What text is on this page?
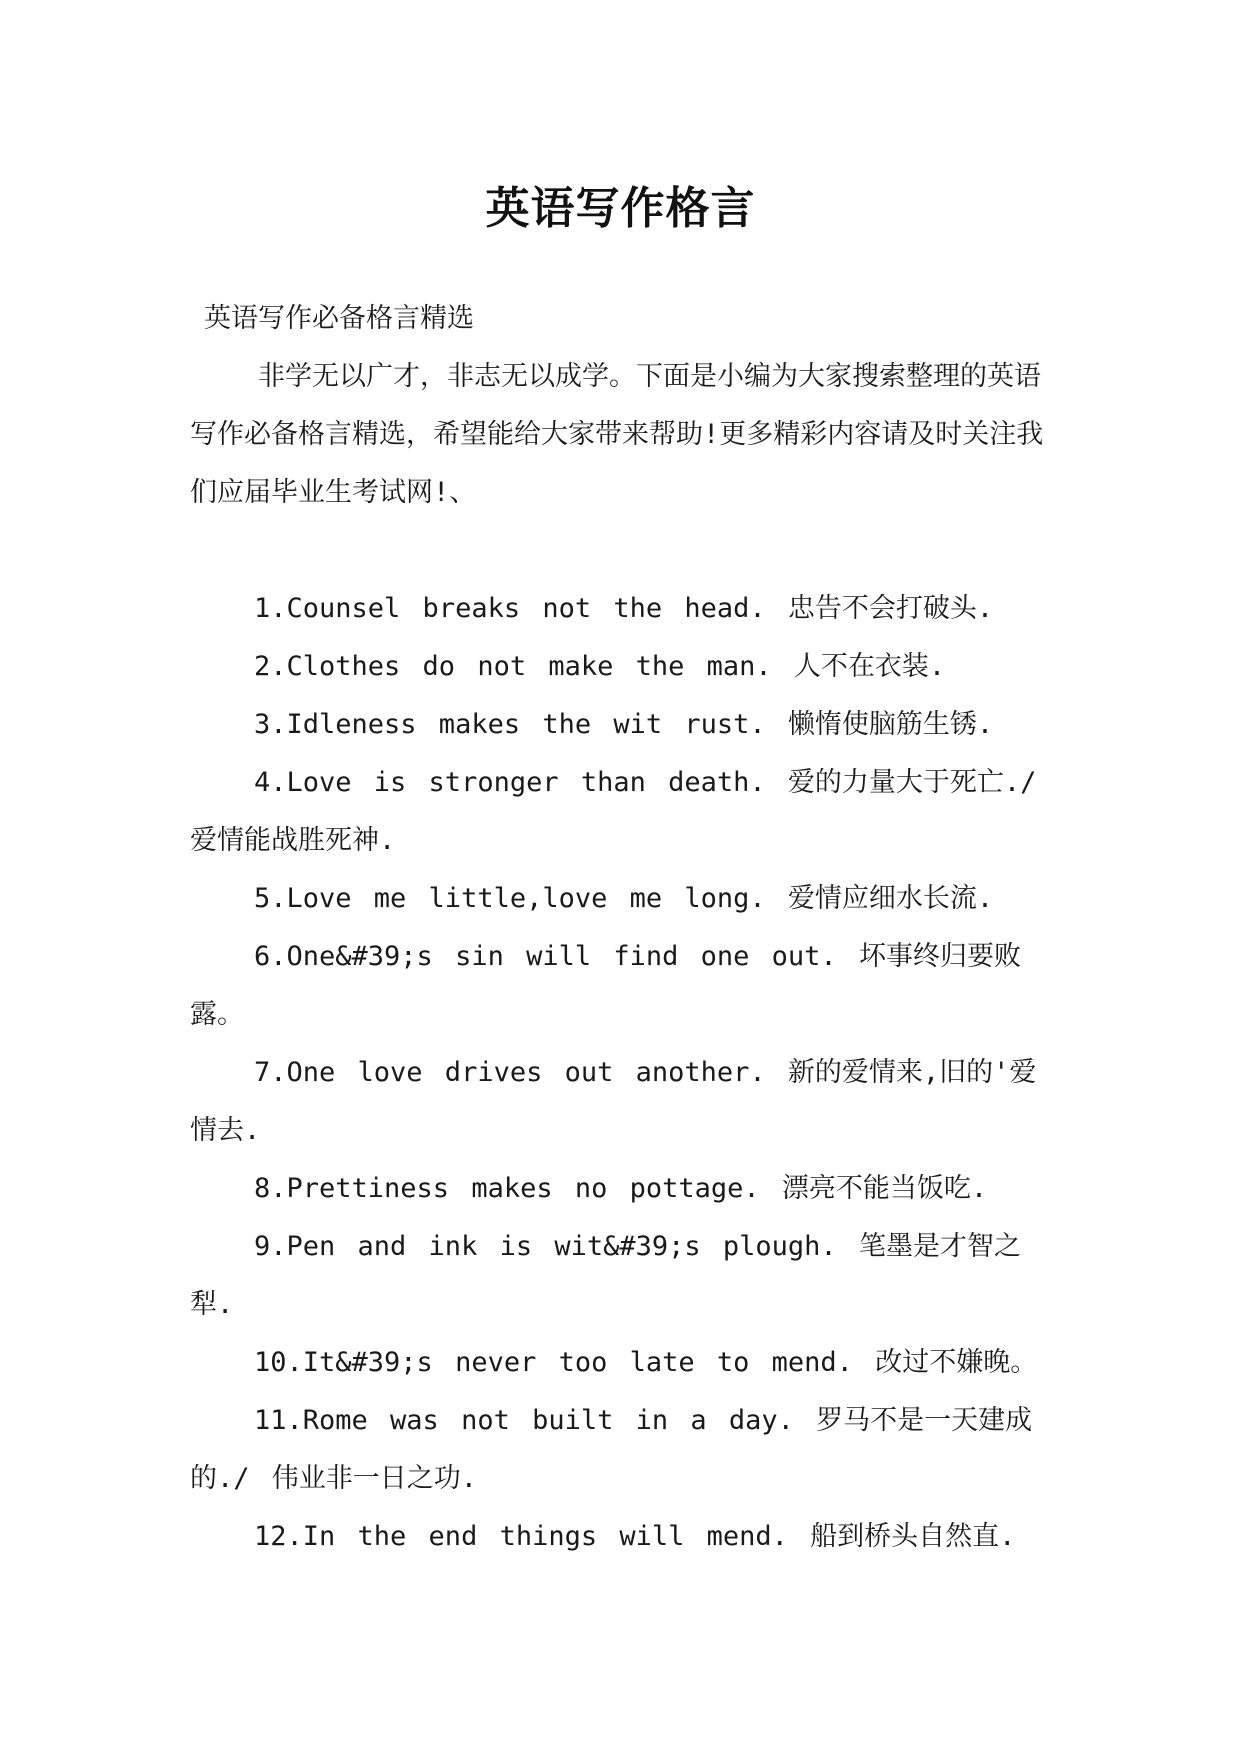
英语写作格言

英语写作必备格言精选

非学无以广才，非志无以成学。下面是小编为大家搜索整理的英语写作必备格言精选，希望能给大家带来帮助!更多精彩内容请及时关注我们应届毕业生考试网!、

1.Counsel breaks not the head. 忠告不会打破头.
2.Clothes do not make the man. 人不在衣装.
3.Idleness makes the wit rust. 懒惰使脑筋生锈.
4.Love is stronger than death. 爱的力量大于死亡./ 爱情能战胜死神.
5.Love me little,love me long. 爱情应细水长流.
6.One&#39;s sin will find one out. 坏事终归要败露。
7.One love drives out another. 新的爱情来,旧的'爱情去.
8.Prettiness makes no pottage. 漂亮不能当饭吃.
9.Pen and ink is wit&#39;s plough. 笔墨是才智之犁.
10.It&#39;s never too late to mend. 改过不嫌晚。
11.Rome was not built in a day. 罗马不是一天建成的./ 伟业非一日之功.
12.In the end things will mend. 船到桥头自然直.
